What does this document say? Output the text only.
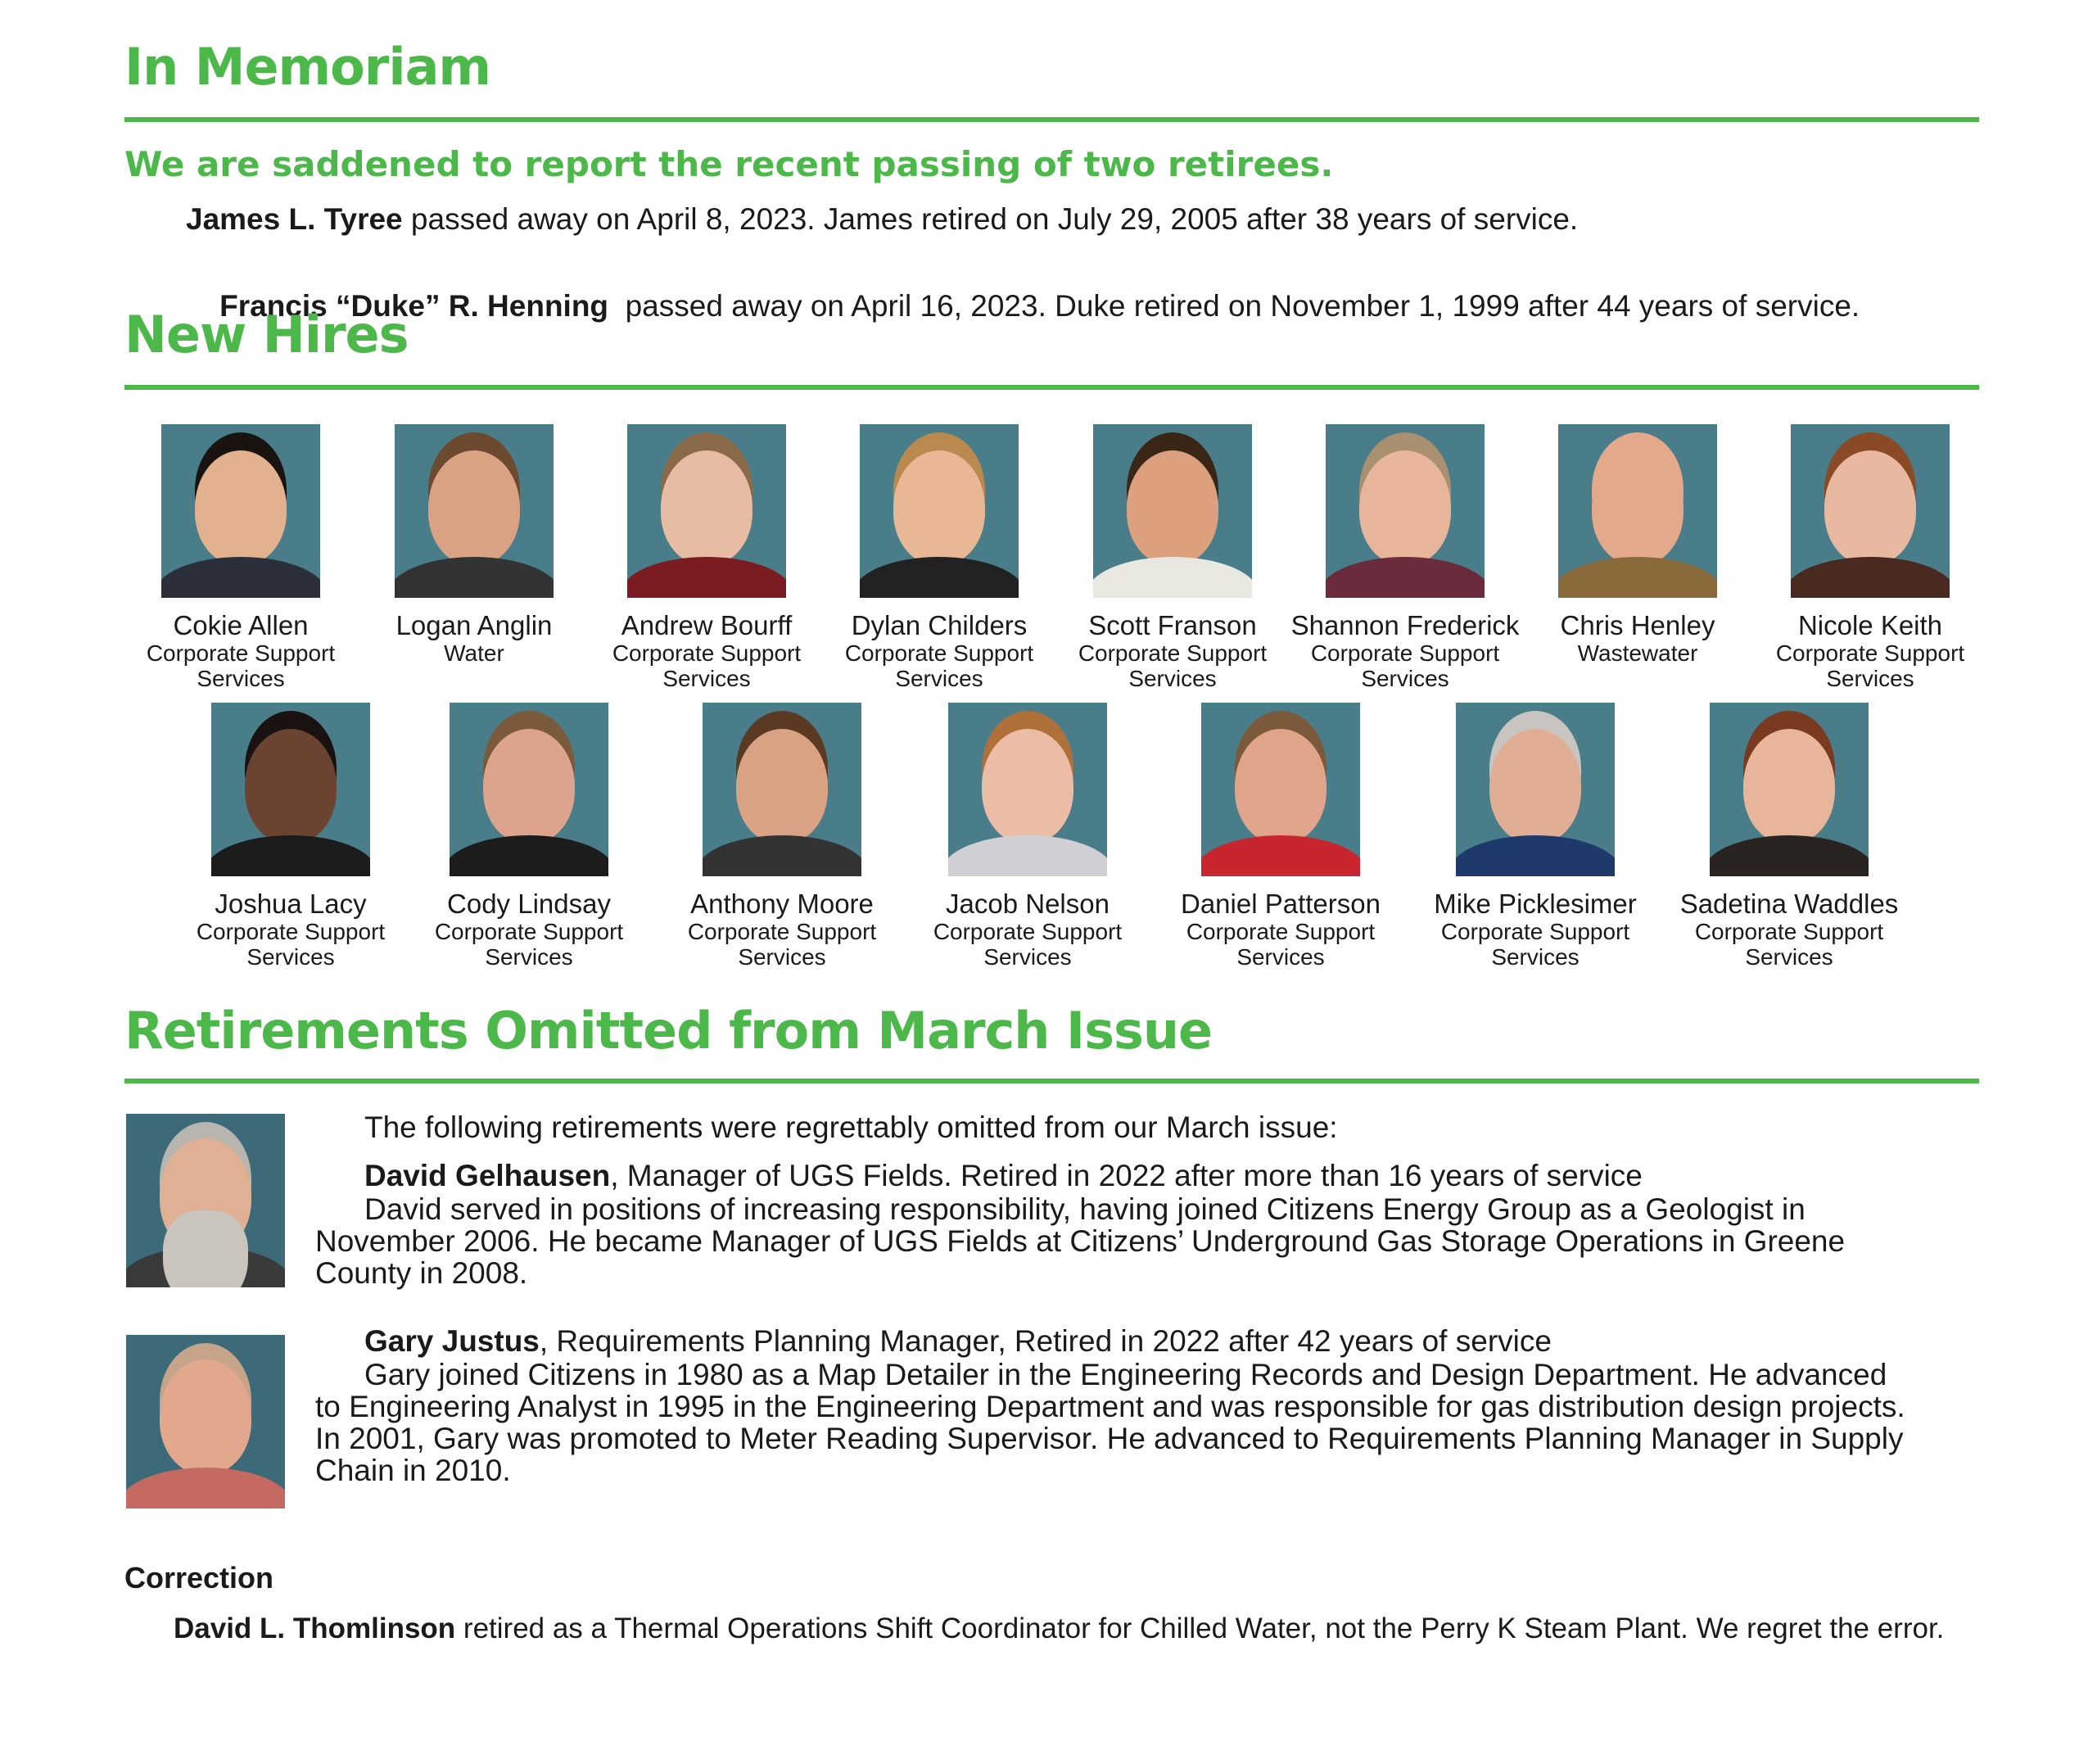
In Memoriam

We are saddened to report the recent passing of two retirees.

James L. Tyree passed away on April 8, 2023. James retired on July 29, 2005 after 38 years of service.

Francis “Duke” R. Henning  passed away on April 16, 2023. Duke retired on November 1, 1999 after 44 years of service.

New Hires
Cokie Allen
Corporate Support
Services
Logan Anglin
Water
Andrew Bourff
Corporate Support
Services
Dylan Childers
Corporate Support
Services
Scott Franson
Corporate Support
Services
Shannon Frederick
Corporate Support
Services
Chris Henley
Wastewater
Nicole Keith
Corporate Support
Services
Joshua Lacy
Corporate Support
Services
Cody Lindsay
Corporate Support
Services
Anthony Moore
Corporate Support
Services
Jacob Nelson
Corporate Support
Services
Daniel Patterson
Corporate Support
Services
Mike Picklesimer
Corporate Support
Services
Sadetina Waddles
Corporate Support
Services
Retirements Omitted from March Issue
The following retirements were regrettably omitted from our March issue:
David Gelhausen, Manager of UGS Fields. Retired in 2022 after more than 16 years of service
David served in positions of increasing responsibility, having joined Citizens Energy Group as a Geologist in
November 2006. He became Manager of UGS Fields at Citizens’ Underground Gas Storage Operations in Greene
County in 2008.
Gary Justus, Requirements Planning Manager, Retired in 2022 after 42 years of service
Gary joined Citizens in 1980 as a Map Detailer in the Engineering Records and Design Department. He advanced
to Engineering Analyst in 1995 in the Engineering Department and was responsible for gas distribution design projects.
In 2001, Gary was promoted to Meter Reading Supervisor. He advanced to Requirements Planning Manager in Supply
Chain in 2010.
Correction
David L. Thomlinson retired as a Thermal Operations Shift Coordinator for Chilled Water, not the Perry K Steam Plant. We regret the error.
